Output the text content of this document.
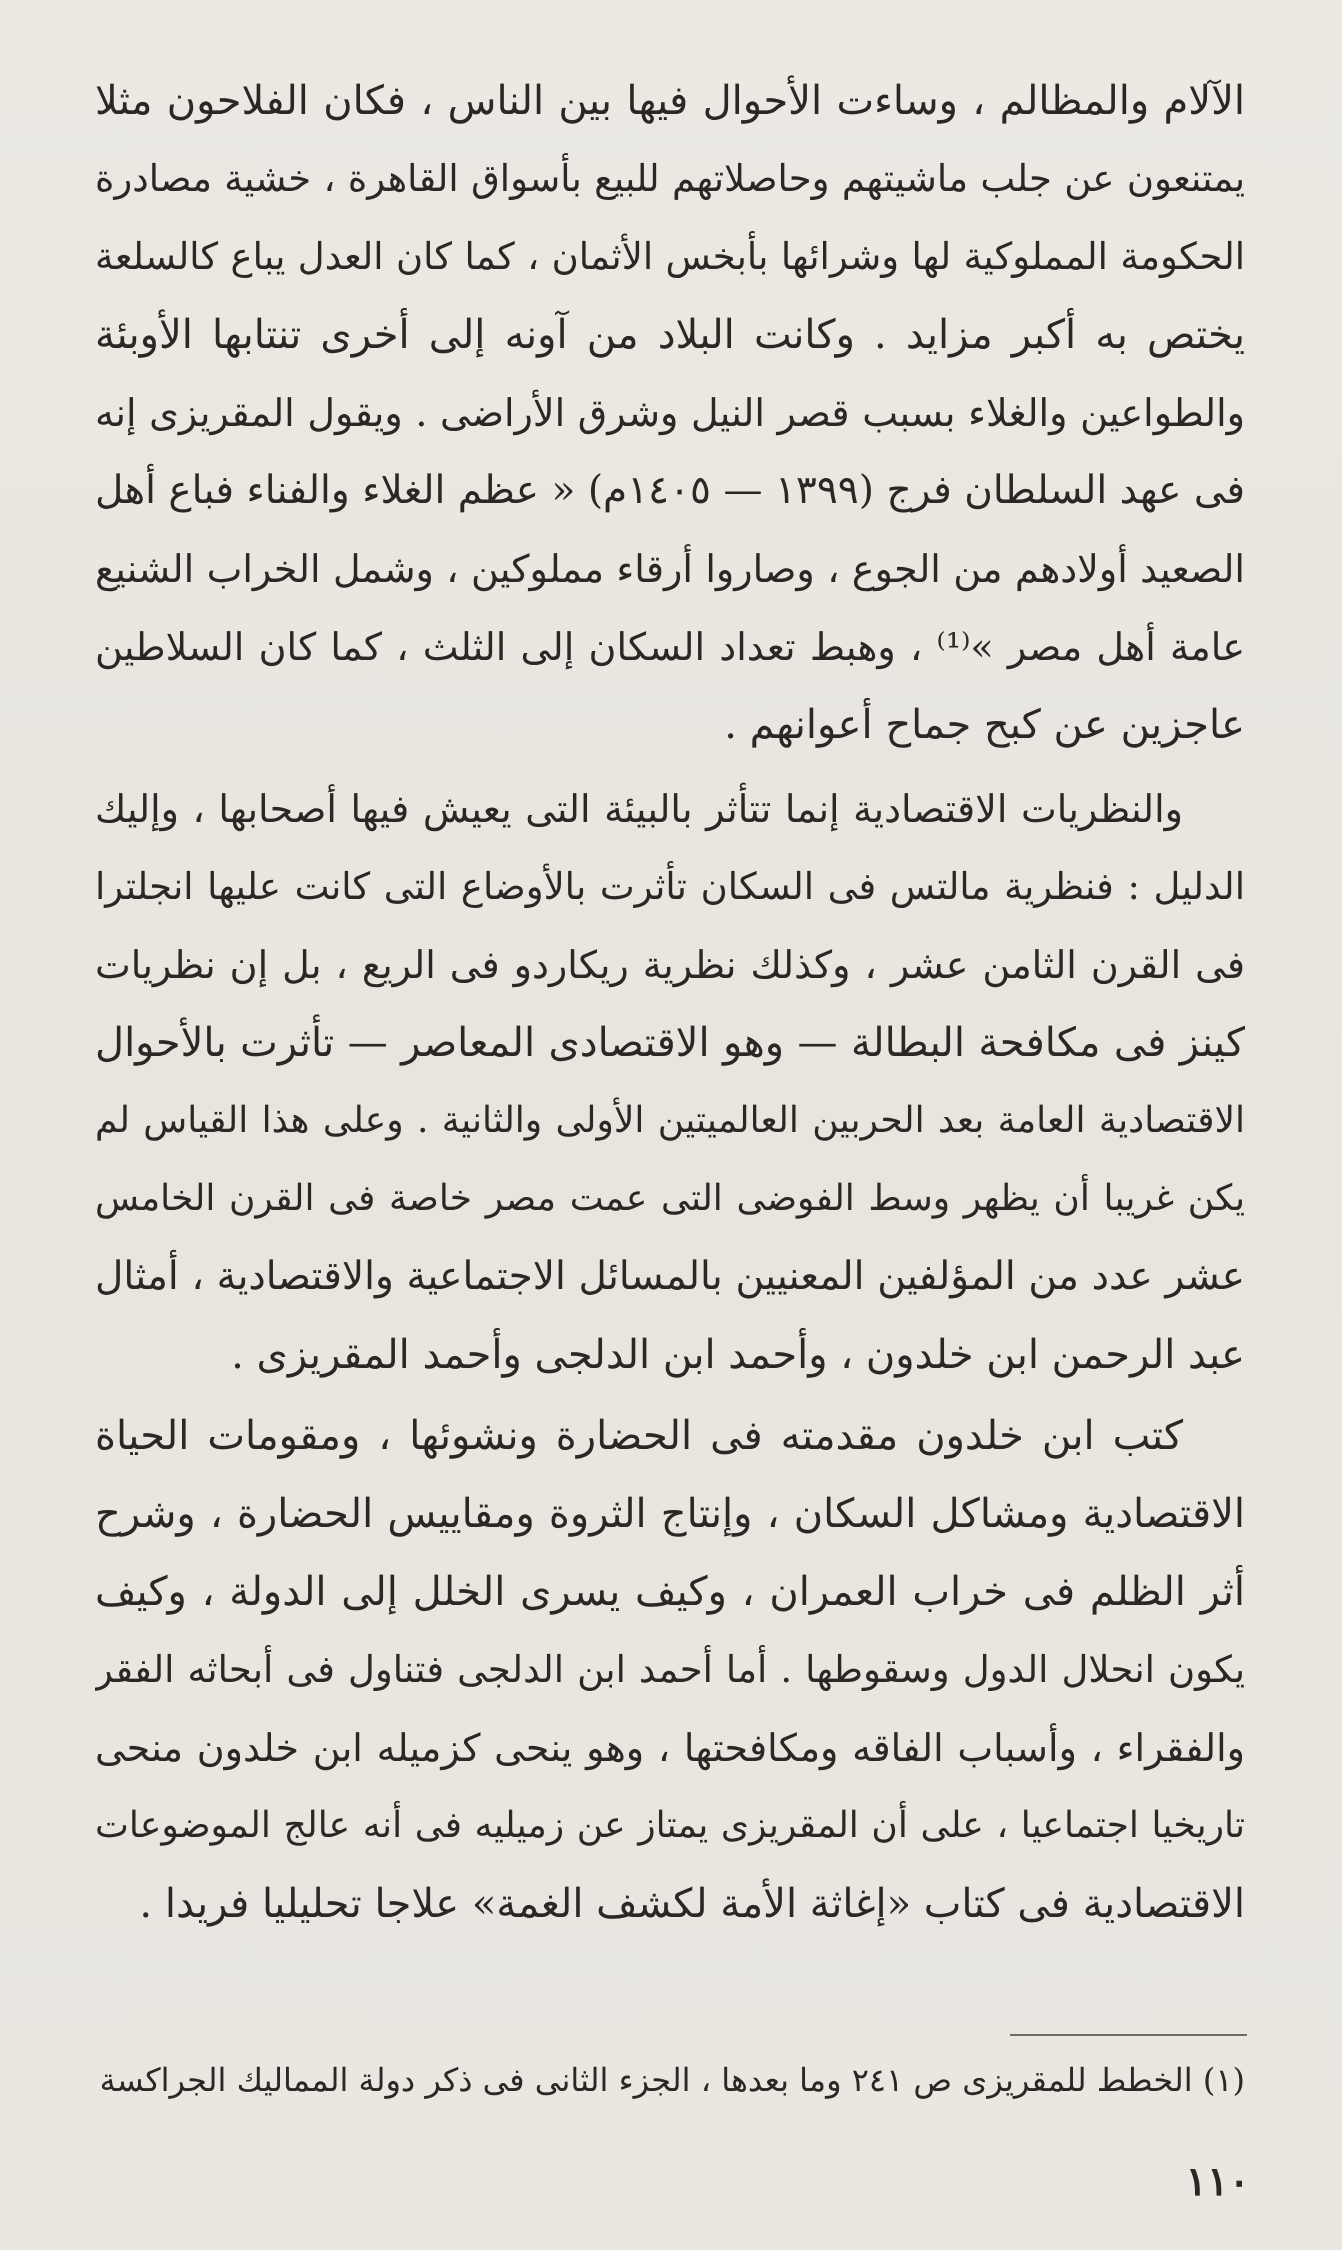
الآلام والمظالم ، وساءت الأحوال فيها بين الناس ، فكان الفلاحون مثلا
يمتنعون عن جلب ماشيتهم وحاصلاتهم للبيع بأسواق القاهرة ، خشية مصادرة
الحكومة المملوكية لها وشرائها بأبخس الأثمان ، كما كان العدل يباع كالسلعة
يختص به أكبر مزايد . وكانت البلاد من آونه إلى أخرى تنتابها الأوبئة
والطواعين والغلاء بسبب قصر النيل وشرق الأراضى . ويقول المقريزى إنه
فى عهد السلطان فرج (١٣٩٩ — ١٤٠٥م) « عظم الغلاء والفناء فباع أهل
الصعيد أولادهم من الجوع ، وصاروا أرقاء مملوكين ، وشمل الخراب الشنيع
عامة أهل مصر »⁽¹⁾ ، وهبط تعداد السكان إلى الثلث ، كما كان السلاطين
عاجزين عن كبح جماح أعوانهم .
والنظريات الاقتصادية إنما تتأثر بالبيئة التى يعيش فيها أصحابها ، وإليك
الدليل : فنظرية مالتس فى السكان تأثرت بالأوضاع التى كانت عليها انجلترا
فى القرن الثامن عشر ، وكذلك نظرية ريكاردو فى الريع ، بل إن نظريات
كينز فى مكافحة البطالة — وهو الاقتصادى المعاصر — تأثرت بالأحوال
الاقتصادية العامة بعد الحربين العالميتين الأولى والثانية . وعلى هذا القياس لم
يكن غريبا أن يظهر وسط الفوضى التى عمت مصر خاصة فى القرن الخامس
عشر عدد من المؤلفين المعنيين بالمسائل الاجتماعية والاقتصادية ، أمثال
عبد الرحمن ابن خلدون ، وأحمد ابن الدلجى وأحمد المقريزى .
كتب ابن خلدون مقدمته فى الحضارة ونشوئها ، ومقومات الحياة
الاقتصادية ومشاكل السكان ، وإنتاج الثروة ومقاييس الحضارة ، وشرح
أثر الظلم فى خراب العمران ، وكيف يسرى الخلل إلى الدولة ، وكيف
يكون انحلال الدول وسقوطها . أما أحمد ابن الدلجى فتناول فى أبحاثه الفقر
والفقراء ، وأسباب الفاقه ومكافحتها ، وهو ينحى كزميله ابن خلدون منحى
تاريخيا اجتماعيا ، على أن المقريزى يمتاز عن زميليه فى أنه عالج الموضوعات
الاقتصادية فى كتاب «إغاثة الأمة لكشف الغمة» علاجا تحليليا فريدا .
(١) الخطط للمقريزى ص ٢٤١ وما بعدها ، الجزء الثانى فى ذكر دولة المماليك الجراكسة
١١٠
